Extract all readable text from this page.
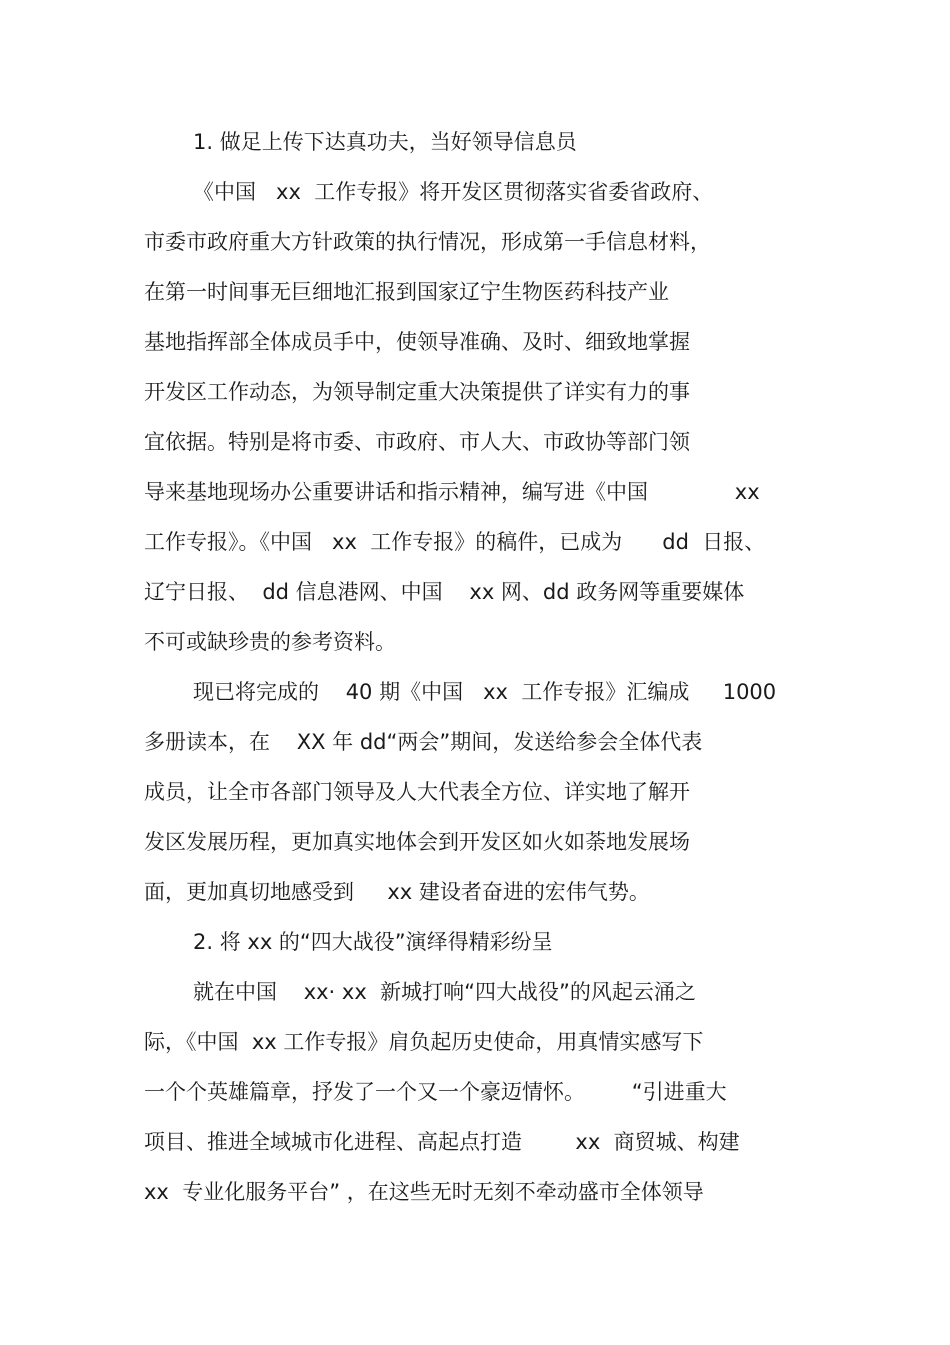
1. 做足上传下达真功夫，当好领导信息员
《中国   xx  工作专报》将开发区贯彻落实省委省政府、
市委市政府重大方针政策的执行情况，形成第一手信息材料，
在第一时间事无巨细地汇报到国家辽宁生物医药科技产业
基地指挥部全体成员手中，使领导准确、及时、细致地掌握
开发区工作动态，为领导制定重大决策提供了详实有力的事
宜依据。特别是将市委、市政府、市人大、市政协等部门领
导来基地现场办公重要讲话和指示精神，编写进《中国             xx
工作专报》。《中国   xx  工作专报》的稿件，已成为      dd  日报、
辽宁日报、  dd 信息港网、中国    xx 网、dd 政务网等重要媒体
不可或缺珍贵的参考资料。
现已将完成的    40 期《中国   xx  工作专报》汇编成     1000
多册读本，在    XX 年 dd“两会”期间，发送给参会全体代表
成员，让全市各部门领导及人大代表全方位、详实地了解开
发区发展历程，更加真实地体会到开发区如火如荼地发展场
面，更加真切地感受到     xx 建设者奋进的宏伟气势。
2. 将 xx 的“四大战役”演绎得精彩纷呈
就在中国    xx· xx  新城打响“四大战役”的风起云涌之
际，《中国  xx 工作专报》肩负起历史使命，用真情实感写下
一个个英雄篇章，抒发了一个又一个豪迈情怀。       “引进重大
项目、推进全域城市化进程、高起点打造        xx  商贸城、构建
xx  专业化服务平台” ，在这些无时无刻不牵动盛市全体领导
